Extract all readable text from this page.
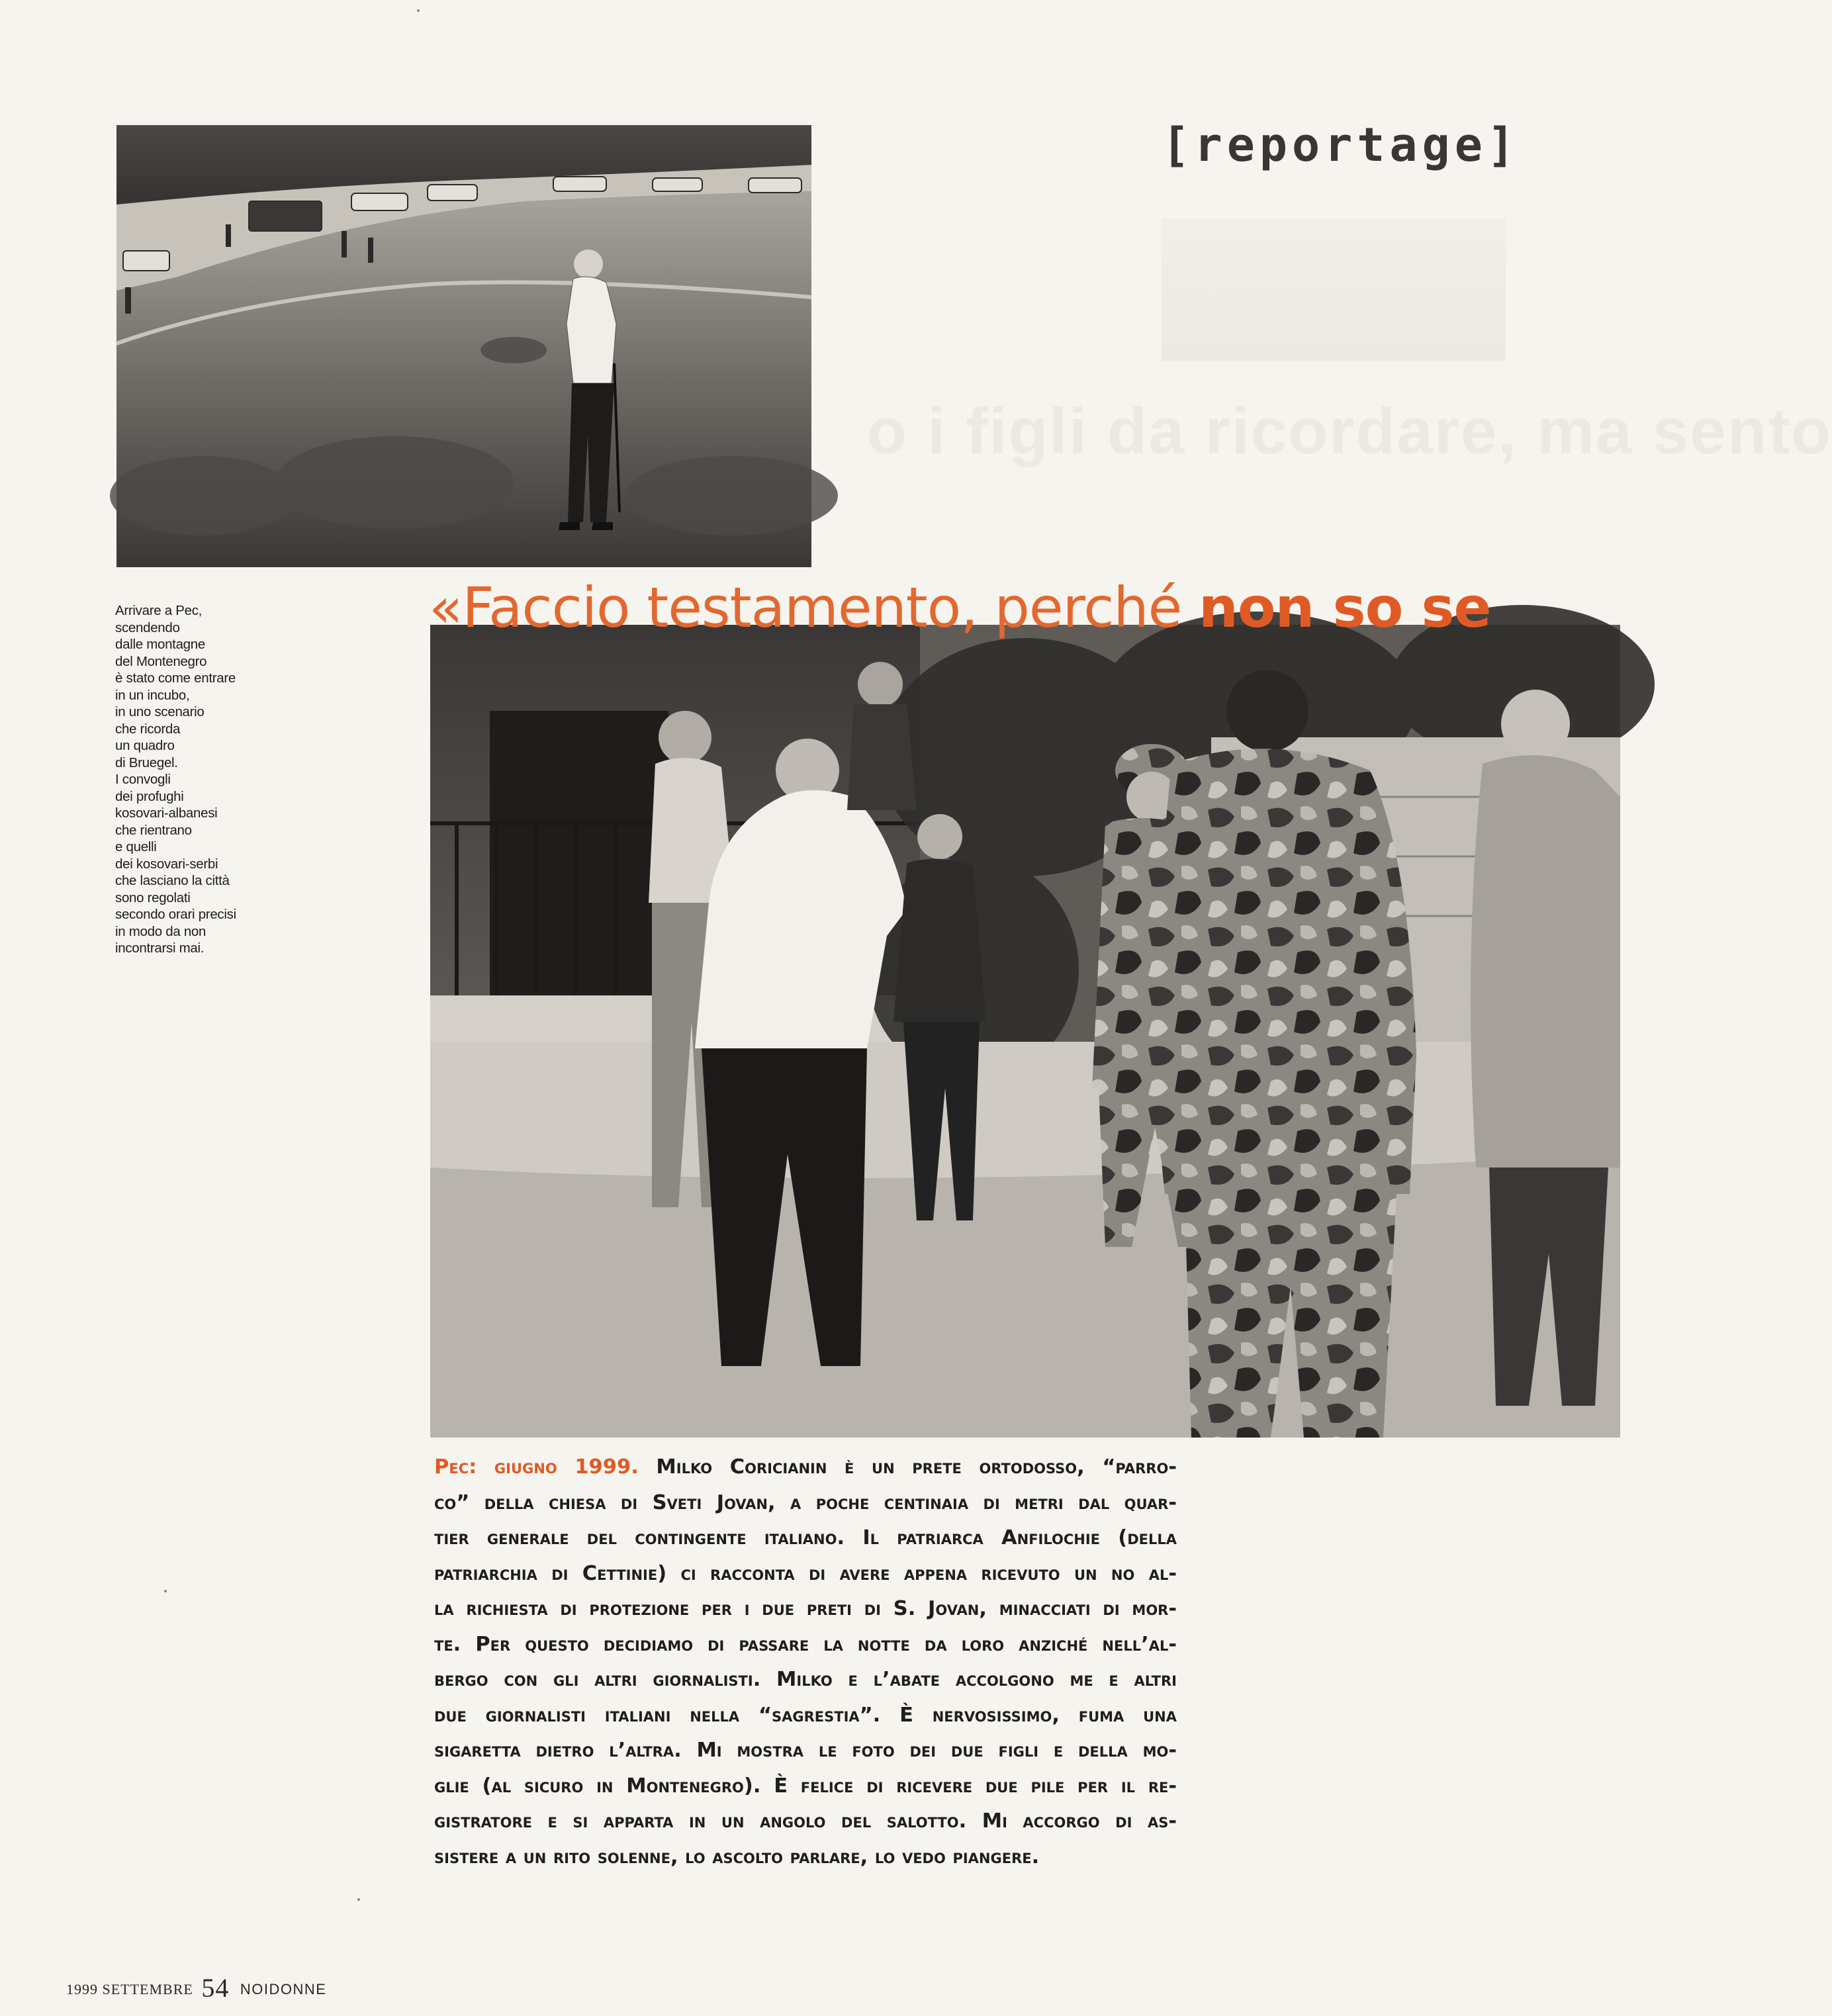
o i figli da ricordare, ma sento
[reportage]
Arrivare a Pec,
scendendo
dalle montagne
del Montenegro
è stato come entrare
in un incubo,
in uno scenario
che ricorda
un quadro
di Bruegel.
I convogli
dei profughi
kosovari-albanesi
che rientrano
e quelli
dei kosovari-serbi
che lasciano la città
sono regolati
secondo orari precisi
in modo da non
incontrarsi mai.
«Faccio testamento, perché non so se
Pec: giugno 1999. Milko Coricianin è un prete ortodosso, “parro-
co” della chiesa di Sveti Jovan, a poche centinaia di metri dal quar-
tier generale del contingente italiano. Il patriarca Anfilochie (della
patriarchia di Cettinie) ci racconta di avere appena ricevuto un no al-
la richiesta di protezione per i due preti di S. Jovan, minacciati di mor-
te. Per questo decidiamo di passare la notte da loro anziché nell’al-
bergo con gli altri giornalisti. Milko e l’abate accolgono me e altri
due giornalisti italiani nella “sagrestia”. È nervosissimo, fuma una
sigaretta dietro l’altra. Mi mostra le foto dei due figli e della mo-
glie (al sicuro in Montenegro). È felice di ricevere due pile per il re-
gistratore e si apparta in un angolo del salotto. Mi accorgo di as-
sistere a un rito solenne, lo ascolto parlare, lo vedo piangere.
1999 SETTEMBRE 54 NOIDONNE
